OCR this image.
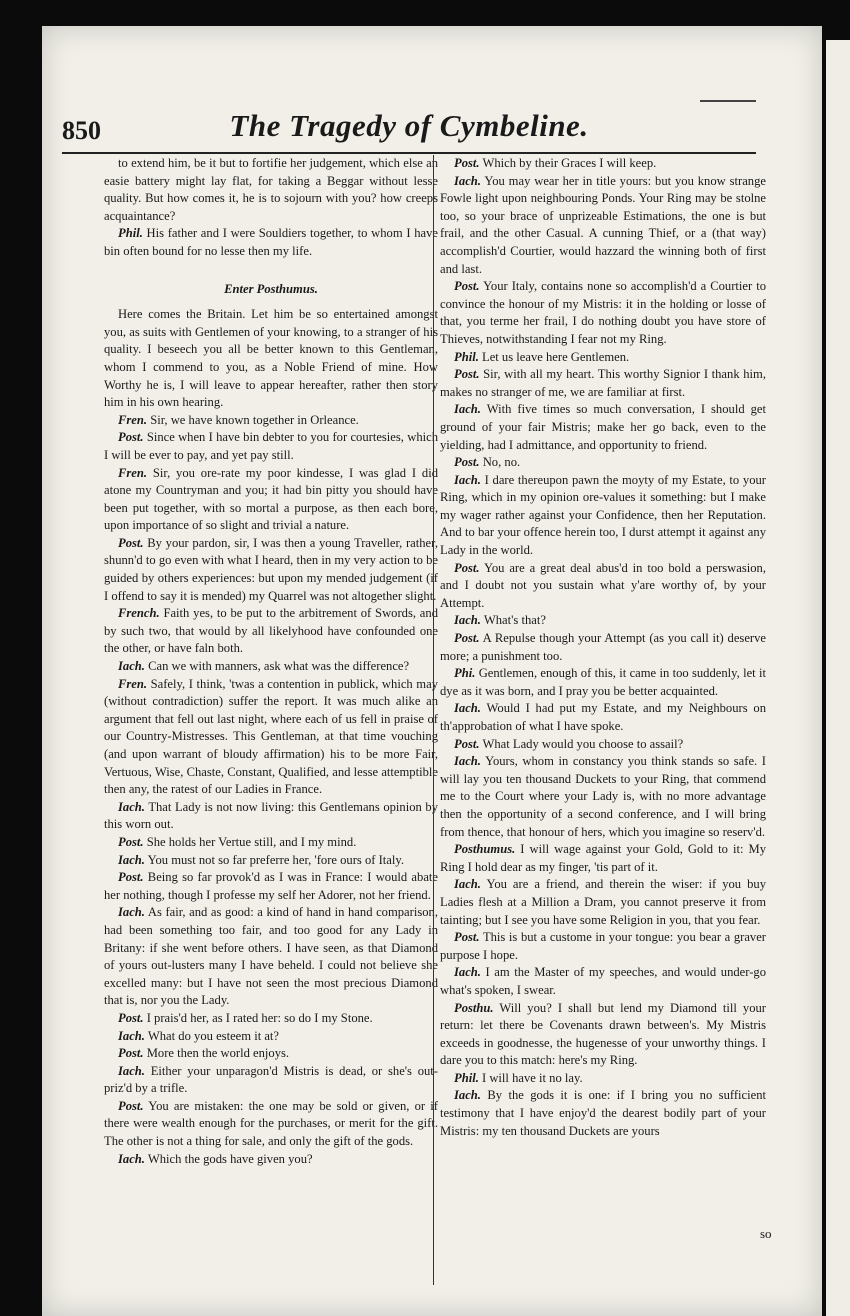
850	The Tragedy of Cymbeline.

to extend him, be it but to fortifie her judgement, which else an easie battery might lay flat, for taking a Beggar without lesse quality. But how comes it, he is to sojourn with you? how creeps acquaintance?

Phil. His father and I were Souldiers together, to whom I have bin often bound for no lesse then my life.

Enter Posthumus.

Here comes the Britain. Let him be so entertained amongst you, as suits with Gentlemen of your knowing, to a stranger of his quality. I beseech you all be better known to this Gentleman, whom I commend to you, as a Noble Friend of mine. How Worthy he is, I will leave to appear hereafter, rather then story him in his own hearing.

Fren. Sir, we have known together in Orleance.

Post. Since when I have bin debter to you for courtesies, which I will be ever to pay, and yet pay still.

Fren. Sir, you ore-rate my poor kindesse, I was glad I did atone my Countryman and you; it had bin pitty you should have been put together, with so mortal a purpose, as then each bore, upon importance of so slight and trivial a nature.

Post. By your pardon, sir, I was then a young Traveller, rather, shunn'd to go even with what I heard, then in my very action to be guided by others experiences: but upon my mended judgement (if I offend to say it is mended) my Quarrel was not altogether slight.

French. Faith yes, to be put to the arbitrement of Swords, and by such two, that would by all likelyhood have confounded one the other, or have faln both.

Iach. Can we with manners, ask what was the difference?

Fren. Safely, I think, 'twas a contention in publick, which may (without contradiction) suffer the report. It was much alike an argument that fell out last night, where each of us fell in praise of our Country-Mistresses. This Gentleman, at that time vouching (and upon warrant of bloudy affirmation) his to be more Fair, Vertuous, Wise, Chaste, Constant, Qualified, and lesse attemptible then any, the ratest of our Ladies in France.

Iach. That Lady is not now living: this Gentlemans opinion by this worn out.

Post. She holds her Vertue still, and I my mind.

Iach. You must not so far preferre her, 'fore ours of Italy.

Post. Being so far provok'd as I was in France: I would abate her nothing, though I professe my self her Adorer, not her friend.

Iach. As fair, and as good: a kind of hand in hand comparison, had been something too fair, and too good for any Lady in Britany: if she went before others. I have seen, as that Diamond of yours out-lusters many I have beheld. I could not believe she excelled many: but I have not seen the most precious Diamond that is, nor you the Lady.

Post. I prais'd her, as I rated her: so do I my Stone.

Iach. What do you esteem it at?

Post. More then the world enjoys.

Iach. Either your unparagon'd Mistris is dead, or she's out-priz'd by a trifle.

Post. You are mistaken: the one may be sold or given, or if there were wealth enough for the purchases, or merit for the gift. The other is not a thing for sale, and only the gift of the gods.

Iach. Which the gods have given you?

Post. Which by their Graces I will keep.

Iach. You may wear her in title yours: but you know strange Fowle light upon neighbouring Ponds. Your Ring may be stolne too, so your brace of unprizeable Estimations, the one is but frail, and the other Casual. A cunning Thief, or a (that way) accomplish'd Courtier, would hazzard the winning both of first and last.

Post. Your Italy, contains none so accomplish'd a Courtier to convince the honour of my Mistris: it in the holding or losse of that, you terme her frail, I do nothing doubt you have store of Thieves, notwithstanding I fear not my Ring.

Phil. Let us leave here Gentlemen.

Post. Sir, with all my heart. This worthy Signior I thank him, makes no stranger of me, we are familiar at first.

Iach. With five times so much conversation, I should get ground of your fair Mistris; make her go back, even to the yielding, had I admittance, and opportunity to friend.

Post. No, no.

Iach. I dare thereupon pawn the moyty of my Estate, to your Ring, which in my opinion ore-values it something: but I make my wager rather against your Confidence, then her Reputation. And to bar your offence herein too, I durst attempt it against any Lady in the world.

Post. You are a great deal abus'd in too bold a perswasion, and I doubt not you sustain what y'are worthy of, by your Attempt.

Iach. What's that?

Post. A Repulse though your Attempt (as you call it) deserve more; a punishment too.

Phi. Gentlemen, enough of this, it came in too suddenly, let it dye as it was born, and I pray you be better acquainted.

Iach. Would I had put my Estate, and my Neighbours on th'approbation of what I have spoke.

Post. What Lady would you choose to assail?

Iach. Yours, whom in constancy you think stands so safe. I will lay you ten thousand Duckets to your Ring, that commend me to the Court where your Lady is, with no more advantage then the opportunity of a second conference, and I will bring from thence, that honour of hers, which you imagine so reserv'd.

Posthumus. I will wage against your Gold, Gold to it: My Ring I hold dear as my finger, 'tis part of it.

Iach. You are a friend, and therein the wiser: if you buy Ladies flesh at a Million a Dram, you cannot preserve it from tainting; but I see you have some Religion in you, that you fear.

Post. This is but a custome in your tongue: you bear a graver purpose I hope.

Iach. I am the Master of my speeches, and would under-go what's spoken, I swear.

Posthu. Will you? I shall but lend my Diamond till your return: let there be Covenants drawn between's. My Mistris exceeds in goodnesse, the hugenesse of your unworthy things. I dare you to this match: here's my Ring.

Phil. I will have it no lay.

Iach. By the gods it is one: if I bring you no sufficient testimony that I have enjoy'd the dearest bodily part of your Mistris: my ten thousand Duckets are yours

so
